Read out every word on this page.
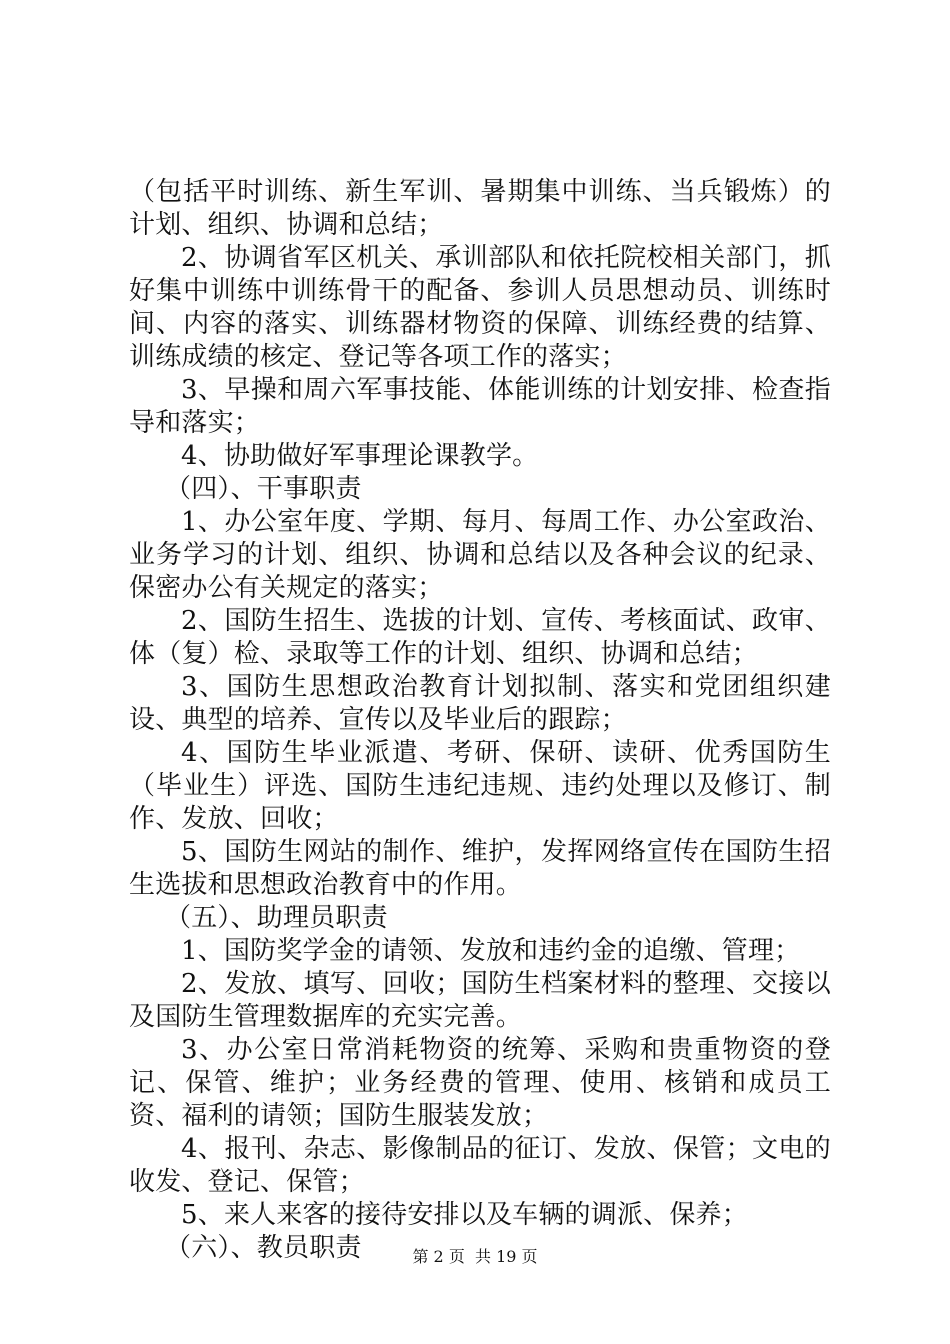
（包括平时训练、新生军训、暑期集中训练、当兵锻炼）的计划、组织、协调和总结；

2、协调省军区机关、承训部队和依托院校相关部门，抓好集中训练中训练骨干的配备、参训人员思想动员、训练时间、内容的落实、训练器材物资的保障、训练经费的结算、训练成绩的核定、登记等各项工作的落实；

3、早操和周六军事技能、体能训练的计划安排、检查指导和落实；

4、协助做好军事理论课教学。

（四）、干事职责

1、办公室年度、学期、每月、每周工作、办公室政治、业务学习的计划、组织、协调和总结以及各种会议的纪录、保密办公有关规定的落实；

2、国防生招生、选拔的计划、宣传、考核面试、政审、体（复）检、录取等工作的计划、组织、协调和总结；

3、国防生思想政治教育计划拟制、落实和党团组织建设、典型的培养、宣传以及毕业后的跟踪；

4、国防生毕业派遣、考研、保研、读研、优秀国防生（毕业生）评选、国防生违纪违规、违约处理以及修订、制作、发放、回收；

5、国防生网站的制作、维护，发挥网络宣传在国防生招生选拔和思想政治教育中的作用。

（五）、助理员职责

1、国防奖学金的请领、发放和违约金的追缴、管理；

2、发放、填写、回收；国防生档案材料的整理、交接以及国防生管理数据库的充实完善。

3、办公室日常消耗物资的统筹、采购和贵重物资的登记、保管、维护；业务经费的管理、使用、核销和成员工资、福利的请领；国防生服装发放；

4、报刊、杂志、影像制品的征订、发放、保管；文电的收发、登记、保管；

5、来人来客的接待安排以及车辆的调派、保养；

（六）、教员职责	第 2 页  共 19 页
